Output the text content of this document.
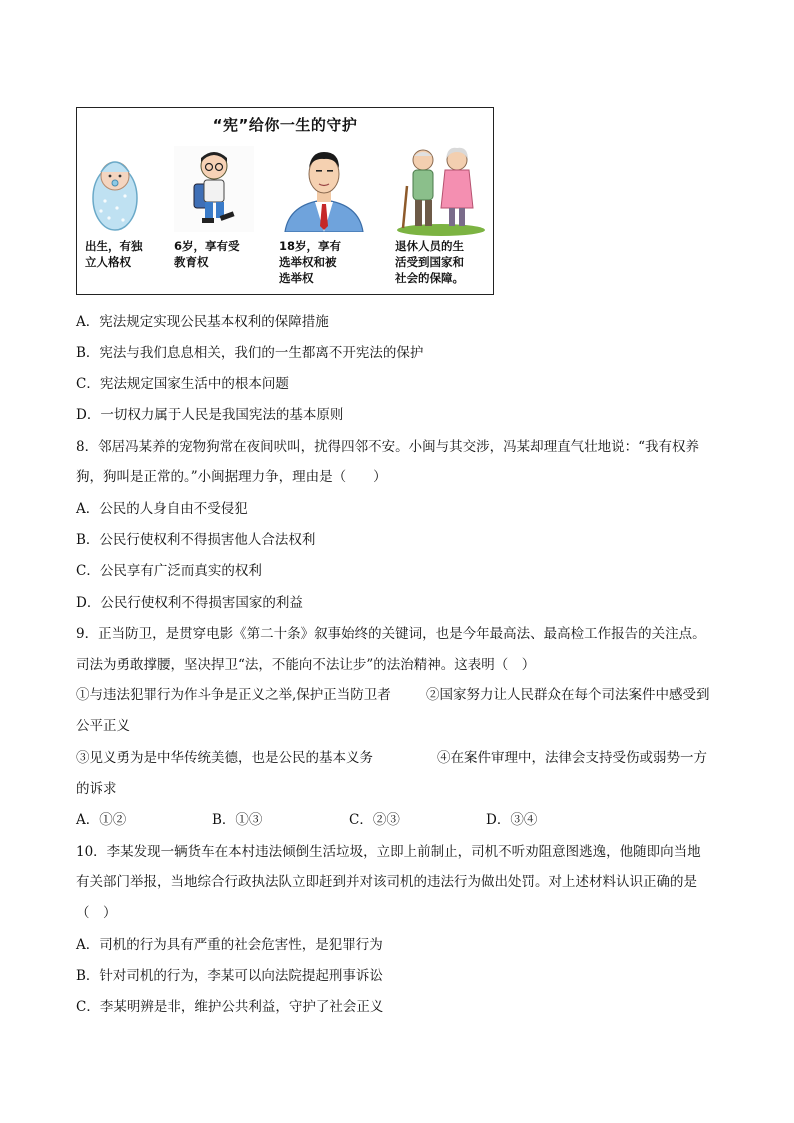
“宪”给你一生的守护
出生，有独
立人格权
6岁，享有受
教育权
18岁，享有
选举权和被
选举权
退休人员的生
活受到国家和
社会的保障。
A．宪法规定实现公民基本权利的保障措施
B．宪法与我们息息相关，我们的一生都离不开宪法的保护
C．宪法规定国家生活中的根本问题
D．一切权力属于人民是我国宪法的基本原则
8．邻居冯某养的宠物狗常在夜间吠叫，扰得四邻不安。小闽与其交涉，冯某却理直气壮地说：“我有权养
狗，狗叫是正常的。”小闽据理力争，理由是（　　）
A．公民的人身自由不受侵犯
B．公民行使权利不得损害他人合法权利
C．公民享有广泛而真实的权利
D．公民行使权利不得损害国家的利益
9．正当防卫，是贯穿电影《第二十条》叙事始终的关键词，也是今年最高法、最高检工作报告的关注点。
司法为勇敢撑腰，坚决捍卫“法，不能向不法让步”的法治精神。这表明（　）
①与违法犯罪行为作斗争是正义之举,保护正当防卫者	②国家努力让人民群众在每个司法案件中感受到
公平正义
③见义勇为是中华传统美德，也是公民的基本义务	④在案件审理中，法律会支持受伤或弱势一方
的诉求
A．①②	B．①③	C．②③	D．③④
10．李某发现一辆货车在本村违法倾倒生活垃圾，立即上前制止，司机不听劝阻意图逃逸，他随即向当地
有关部门举报，当地综合行政执法队立即赶到并对该司机的违法行为做出处罚。对上述材料认识正确的是
（　）
A．司机的行为具有严重的社会危害性，是犯罪行为
B．针对司机的行为，李某可以向法院提起刑事诉讼
C．李某明辨是非，维护公共利益，守护了社会正义
